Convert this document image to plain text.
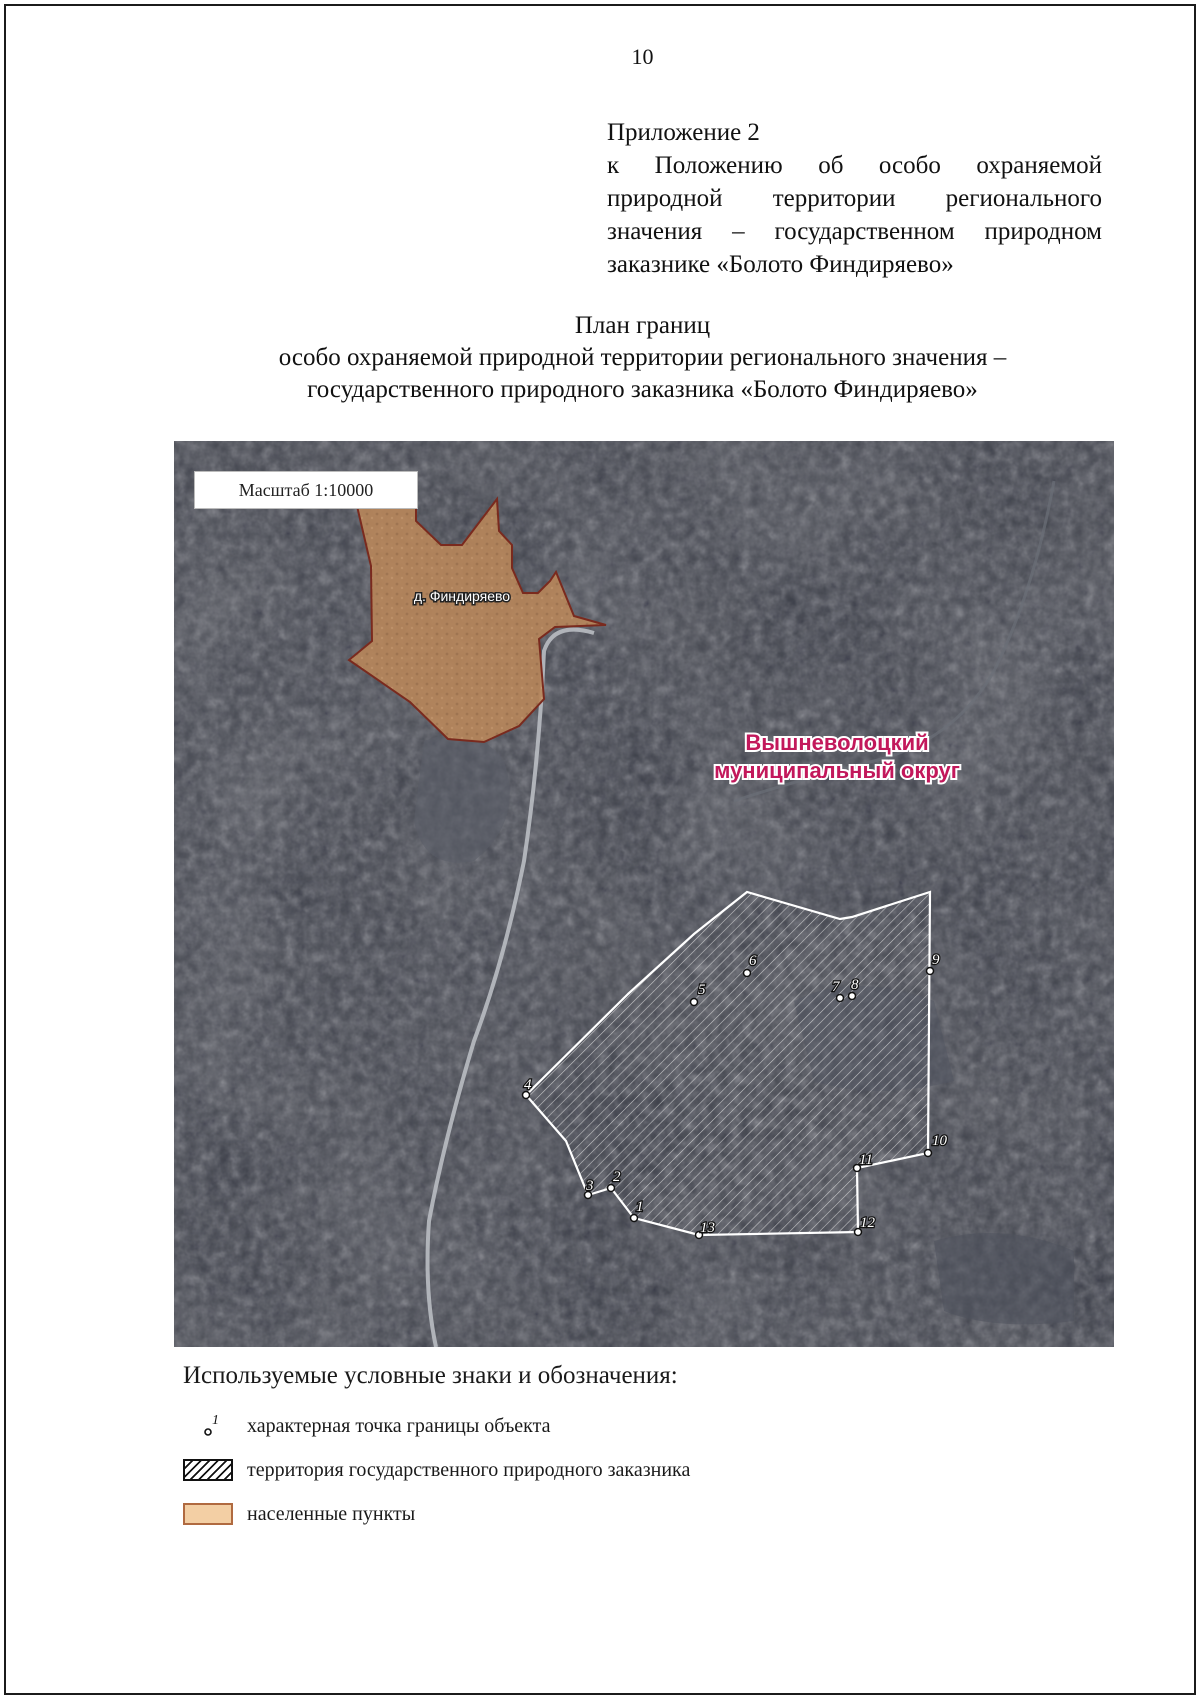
10
Приложение 2
к Положению об особо охраняемой
природной территории регионального
значения – государственном природном
заказнике «Болото Финдиряево»
План границ
особо охраняемой природной территории регионального значения –
государственного природного заказника «Болото Финдиряево»
Масштаб 1:10000
д. Финдиряево
Вышневолоцкий
муниципальный округ
1
2
3
4
5
6
7 8
9
10
11
12
13
Используемые условные знаки и обозначения:
1 характерная точка границы объекта
территория государственного природного заказника
населенные пункты
